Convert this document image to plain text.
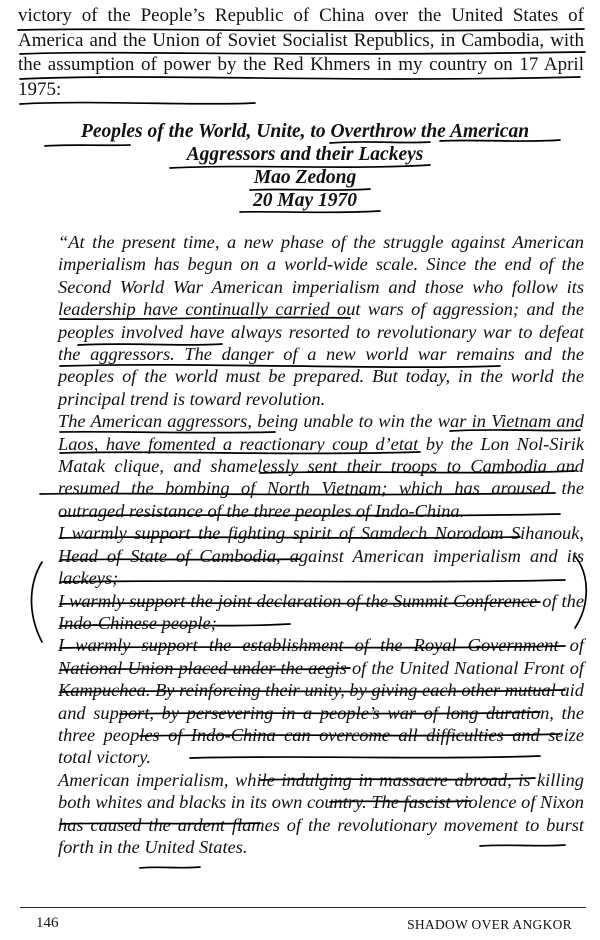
victory of the People’s Republic of China over the United States of America and the Union of Soviet Socialist Republics, in Cambodia, with the assumption of power by the Red Khmers in my country on 17 April 1975:

Peoples of the World, Unite, to Overthrow the American
Aggressors and their Lackeys
Mao Zedong
20 May 1970

“At the present time, a new phase of the struggle against American imperialism has begun on a world-wide scale. Since the end of the Second World War American imperialism and those who follow its leadership have continually carried out wars of aggression; and the peoples involved have always resorted to revolutionary war to defeat the aggressors. The danger of a new world war remains and the peoples of the world must be prepared. But today, in the world the principal trend is toward revolution.

The American aggressors, being unable to win the war in Vietnam and Laos, have fomented a reactionary coup d’etat by the Lon Nol-Sirik Matak clique, and shamelessly sent their troops to Cambodia and resumed the bombing of North Vietnam; which has aroused the outraged resistance of the three peoples of Indo-China.

I warmly support the fighting spirit of Samdech Norodom Sihanouk, Head of State of Cambodia, against American imperialism and its lackeys;

I warmly support the joint declaration of the Summit Conference of the Indo-Chinese people;

I warmly support the establishment of the Royal Government of National Union placed under the aegis of the United National Front of Kampuchea. By reinforcing their unity, by giving each other mutual aid and support, by persevering in a people’s war of long duration, the three peoples of Indo-China can overcome all difficulties and seize total victory.

American imperialism, while indulging in massacre abroad, is killing both whites and blacks in its own country. The fascist violence of Nixon has caused the ardent flames of the revolutionary movement to burst forth in the United States.

146	SHADOW OVER ANGKOR
